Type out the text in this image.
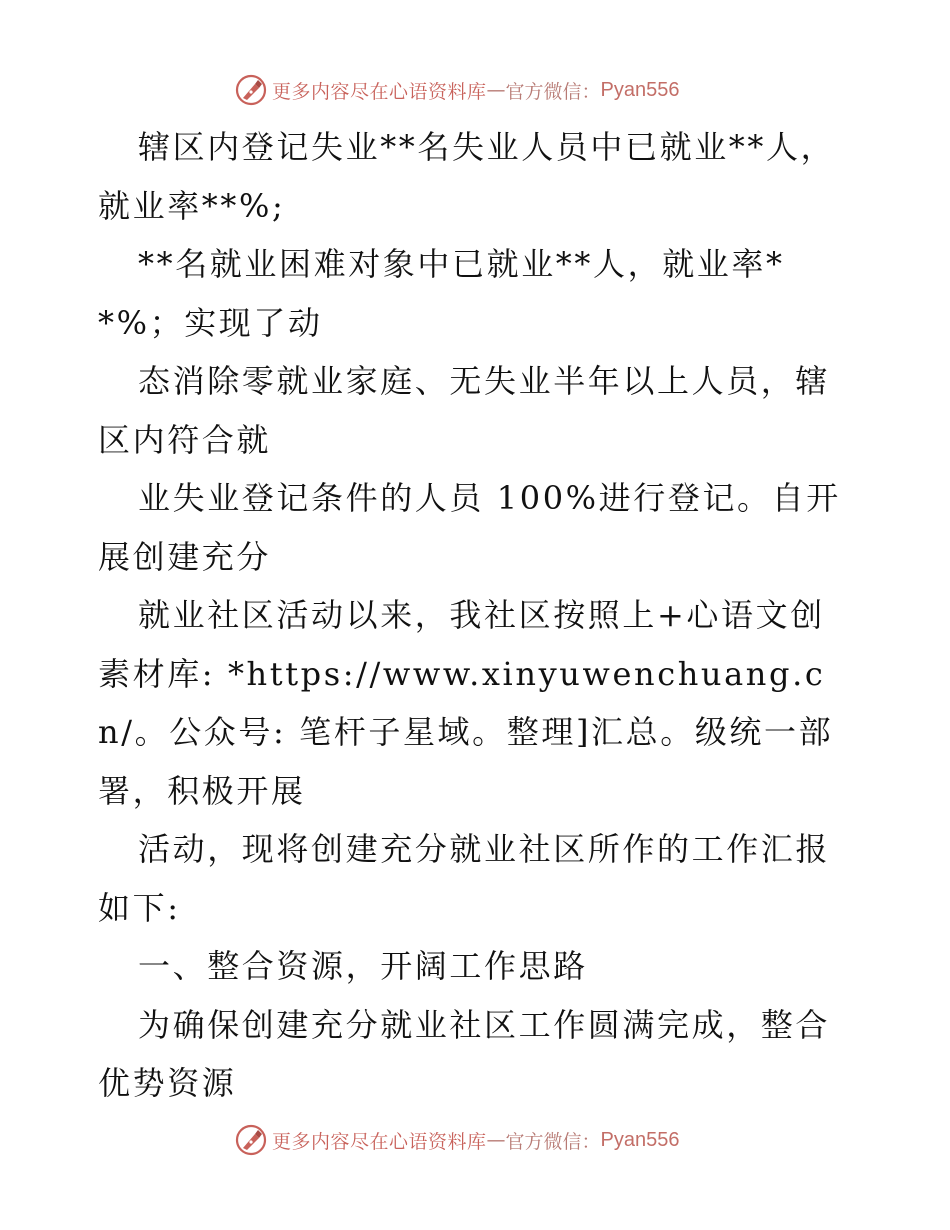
更多内容尽在心语资料库 — 官方微信： Pyan556

辖区内登记失业**名失业人员中已就业**人，就业率**%;

**名就业困难对象中已就业**人，就业率**%；实现了动

态消除零就业家庭、无失业半年以上人员，辖区内符合就

业失业登记条件的人员 100%进行登记。自开展创建充分

就业社区活动以来，我社区按照上+心语文创素材库: *https://www.xinyuwenchuang.cn/。公众号: 笔杆子星域。整理]汇总。级统一部署，积极开展

活动，现将创建充分就业社区所作的工作汇报如下:

一、整合资源，开阔工作思路

为确保创建充分就业社区工作圆满完成，整合优势资源

更多内容尽在心语资料库 — 官方微信： Pyan556
